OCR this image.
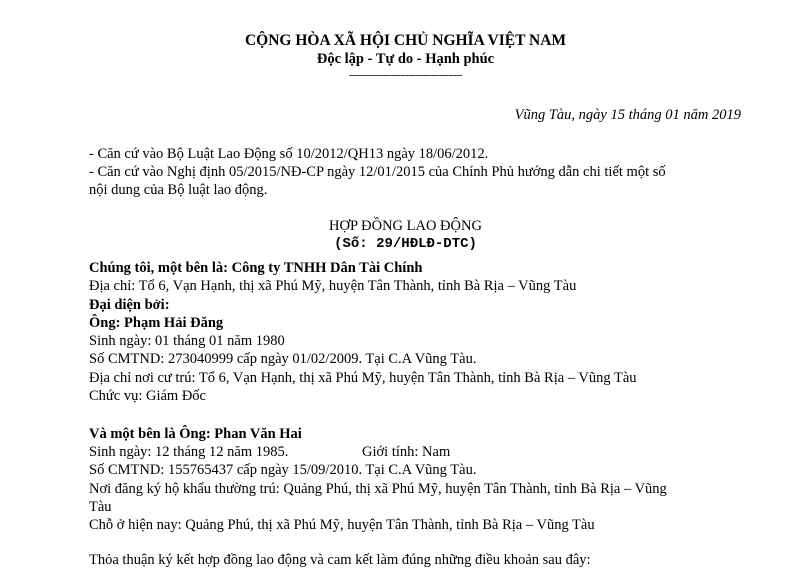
CỘNG HÒA XÃ HỘI CHỦ NGHĨA VIỆT NAM
Độc lập - Tự do - Hạnh phúc
----------------------------------------
Vũng Tàu, ngày 15 tháng 01 năm 2019
- Căn cứ vào Bộ Luật Lao Động số 10/2012/QH13 ngày 18/06/2012.
- Căn cứ vào Nghị định 05/2015/NĐ-CP ngày 12/01/2015 của Chính Phủ hướng dẫn chi tiết một số
nội dung của Bộ luật lao động.
HỢP ĐỒNG LAO ĐỘNG
(Số: 29/HĐLĐ-DTC)
Chúng tôi, một bên là: Công ty TNHH Dân Tài Chính
Địa chỉ: Tổ 6, Vạn Hạnh, thị xã Phú Mỹ, huyện Tân Thành, tỉnh Bà Rịa – Vũng Tàu
Đại diện bởi:
Ông: Phạm Hải Đăng
Sinh ngày: 01 tháng 01 năm 1980
Số CMTND: 273040999 cấp ngày 01/02/2009. Tại C.A Vũng Tàu.
Địa chỉ nơi cư trú: Tổ 6, Vạn Hạnh, thị xã Phú Mỹ, huyện Tân Thành, tỉnh Bà Rịa – Vũng Tàu
Chức vụ: Giám Đốc
Và một bên là Ông: Phan Văn Hai
Sinh ngày: 12 tháng 12 năm 1985.	Giới tính: Nam
Số CMTND: 155765437 cấp ngày 15/09/2010. Tại C.A Vũng Tàu.
Nơi đăng ký hộ khẩu thường trú: Quảng Phú, thị xã Phú Mỹ, huyện Tân Thành, tỉnh Bà Rịa – Vũng
Tàu
Chỗ ở hiện nay: Quảng Phú, thị xã Phú Mỹ, huyện Tân Thành, tỉnh Bà Rịa – Vũng Tàu
Thỏa thuận ký kết hợp đồng lao động và cam kết làm đúng những điều khoản sau đây:
